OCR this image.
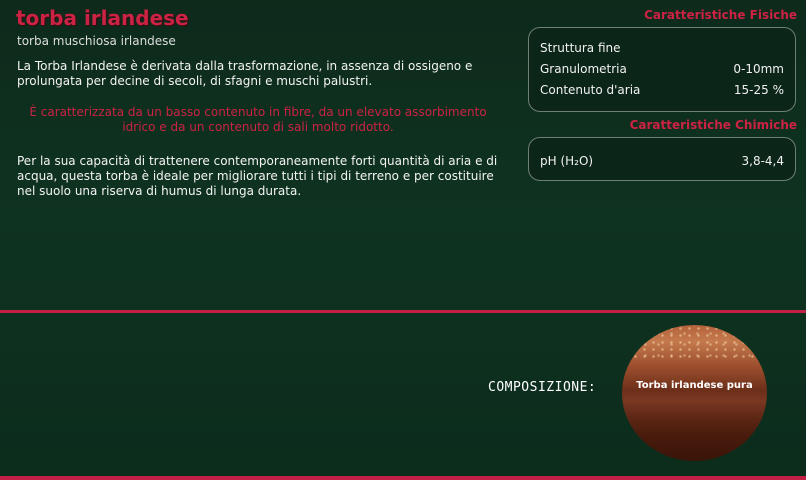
torba irlandese
torba muschiosa irlandese
La Torba Irlandese è derivata dalla trasformazione, in assenza di ossigeno e prolungata per decine di secoli, di sfagni e muschi palustri.
È caratterizzata da un basso contenuto in fibre, da un elevato assorbimento idrico e da un contenuto di sali molto ridotto.
Per la sua capacità di trattenere contemporaneamente forti quantità di aria e di acqua, questa torba è ideale per migliorare tutti i tipi di terreno e per costituire nel suolo una riserva di humus di lunga durata.
Caratteristiche Fisiche
Struttura fine
Granulometria	0-10mm
Contenuto d'aria	15-25 %
Caratteristiche Chimiche
pH (H₂O)	3,8-4,4
COMPOSIZIONE:	Torba irlandese pura
